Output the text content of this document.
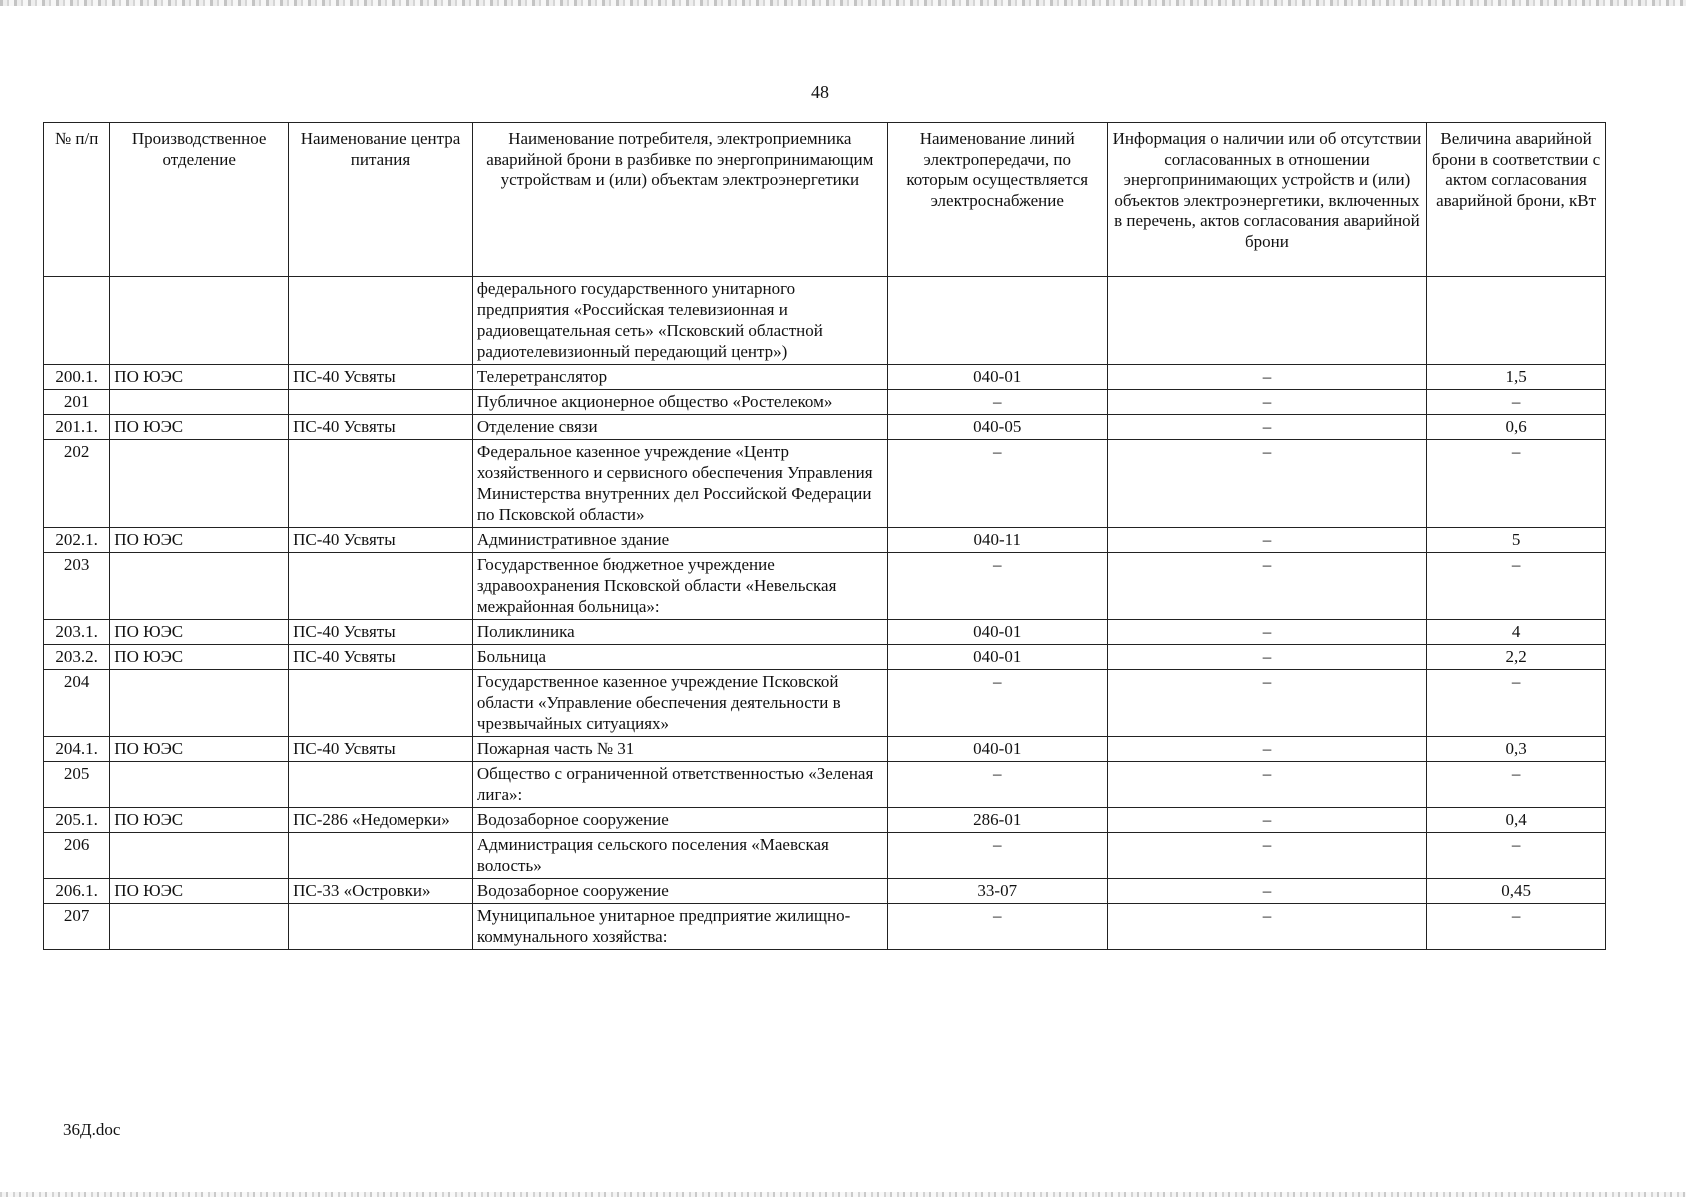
48
№ п/п	Производственное отделение	Наименование центра питания	Наименование потребителя, электроприемника аварийной брони в разбивке по энергопринимающим устройствам и (или) объектам электроэнергетики	Наименование линий электропередачи, по которым осуществляется электроснабжение	Информация о наличии или об отсутствии согласованных в отношении энергопринимающих устройств и (или) объектов электроэнергетики, включенных в перечень, актов согласования аварийной брони	Величина аварийной брони в соответствии с актом согласования аварийной брони, кВт
			федерального государственного унитарного предприятия «Российская телевизионная и радиовещательная сеть» «Псковский областной радиотелевизионный передающий центр»)			
200.1.	ПО ЮЭС	ПС-40 Усвяты	Телеретранслятор	040-01	–	1,5
201			Публичное акционерное общество «Ростелеком»	–	–	–
201.1.	ПО ЮЭС	ПС-40 Усвяты	Отделение связи	040-05	–	0,6
202			Федеральное казенное учреждение «Центр хозяйственного и сервисного обеспечения Управления Министерства внутренних дел Российской Федерации по Псковской области»	–	–	–
202.1.	ПО ЮЭС	ПС-40 Усвяты	Административное здание	040-11	–	5
203			Государственное бюджетное учреждение здравоохранения Псковской области «Невельская межрайонная больница»:	–	–	–
203.1.	ПО ЮЭС	ПС-40 Усвяты	Поликлиника	040-01	–	4
203.2.	ПО ЮЭС	ПС-40 Усвяты	Больница	040-01	–	2,2
204			Государственное казенное учреждение Псковской области «Управление обеспечения деятельности в чрезвычайных ситуациях»	–	–	–
204.1.	ПО ЮЭС	ПС-40 Усвяты	Пожарная часть № 31	040-01	–	0,3
205			Общество с ограниченной ответственностью «Зеленая лига»:	–	–	–
205.1.	ПО ЮЭС	ПС-286 «Недомерки»	Водозаборное сооружение	286-01	–	0,4
206			Администрация сельского поселения «Маевская волость»	–	–	–
206.1.	ПО ЮЭС	ПС-33 «Островки»	Водозаборное сооружение	33-07	–	0,45
207			Муниципальное унитарное предприятие жилищно-коммунального хозяйства:	–	–	–
36Д.doc
